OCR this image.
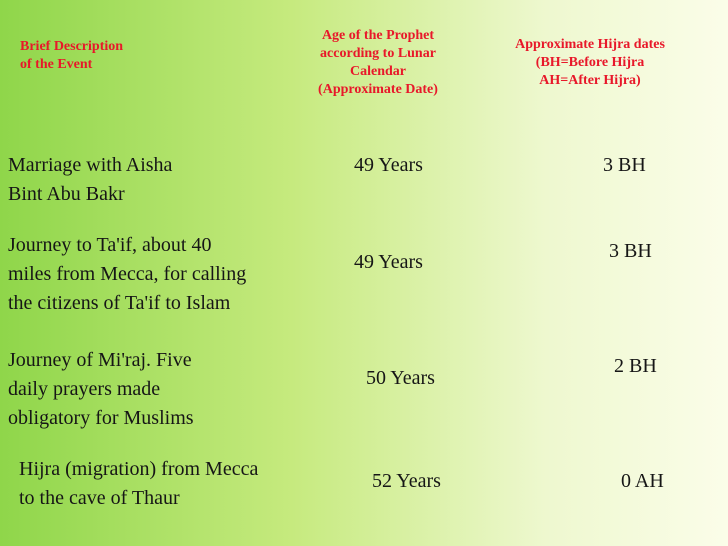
Brief Description
of the Event
Age of the Prophet
according to Lunar
Calendar
(Approximate Date)
Approximate Hijra dates
(BH=Before Hijra
AH=After Hijra)
Marriage with Aisha
Bint Abu Bakr
49 Years	3 BH
Journey to Ta'if, about 40
miles from Mecca, for calling
the citizens of Ta'if to Islam
49 Years	3 BH
Journey of Mi'raj. Five
daily prayers made
obligatory for Muslims
50 Years
2 BH
Hijra (migration) from Mecca
to the cave of Thaur
52 Years	0 AH
